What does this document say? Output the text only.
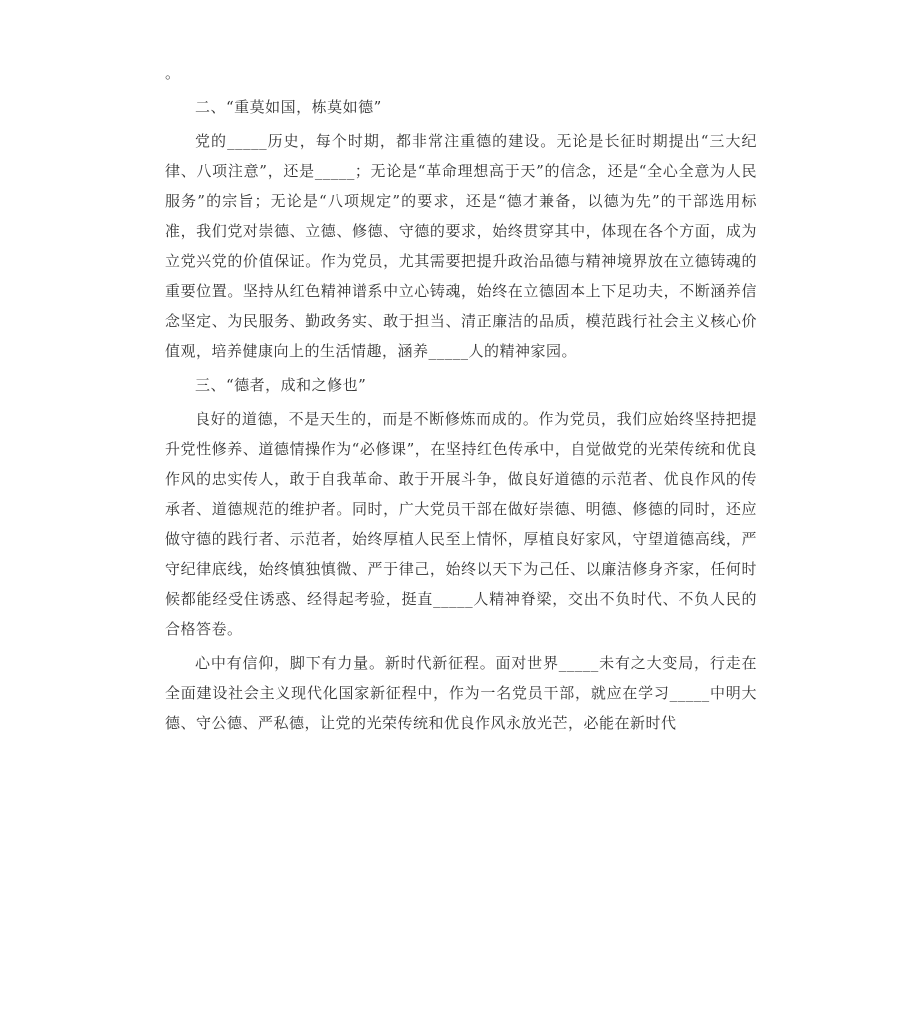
。

二、“重莫如国，栋莫如德”

党的_____历史，每个时期，都非常注重德的建设。无论是长征时期提出“三大纪律、八项注意”，还是_____；无论是“革命理想高于天”的信念，还是“全心全意为人民服务”的宗旨；无论是“八项规定”的要求，还是“德才兼备，以德为先”的干部选用标准，我们党对崇德、立德、修德、守德的要求，始终贯穿其中，体现在各个方面，成为立党兴党的价值保证。作为党员，尤其需要把提升政治品德与精神境界放在立德铸魂的重要位置。坚持从红色精神谱系中立心铸魂，始终在立德固本上下足功夫，不断涵养信念坚定、为民服务、勤政务实、敢于担当、清正廉洁的品质，模范践行社会主义核心价值观，培养健康向上的生活情趣，涵养_____人的精神家园。

三、“德者，成和之修也”

良好的道德，不是天生的，而是不断修炼而成的。作为党员，我们应始终坚持把提升党性修养、道德情操作为“必修课”，在坚持红色传承中，自觉做党的光荣传统和优良作风的忠实传人，敢于自我革命、敢于开展斗争，做良好道德的示范者、优良作风的传承者、道德规范的维护者。同时，广大党员干部在做好崇德、明德、修德的同时，还应做守德的践行者、示范者，始终厚植人民至上情怀，厚植良好家风，守望道德高线，严守纪律底线，始终慎独慎微、严于律己，始终以天下为己任、以廉洁修身齐家，任何时候都能经受住诱惑、经得起考验，挺直_____人精神脊梁，交出不负时代、不负人民的合格答卷。

心中有信仰，脚下有力量。新时代新征程。面对世界_____未有之大变局，行走在全面建设社会主义现代化国家新征程中，作为一名党员干部，就应在学习_____中明大德、守公德、严私德，让党的光荣传统和优良作风永放光芒，必能在新时代
